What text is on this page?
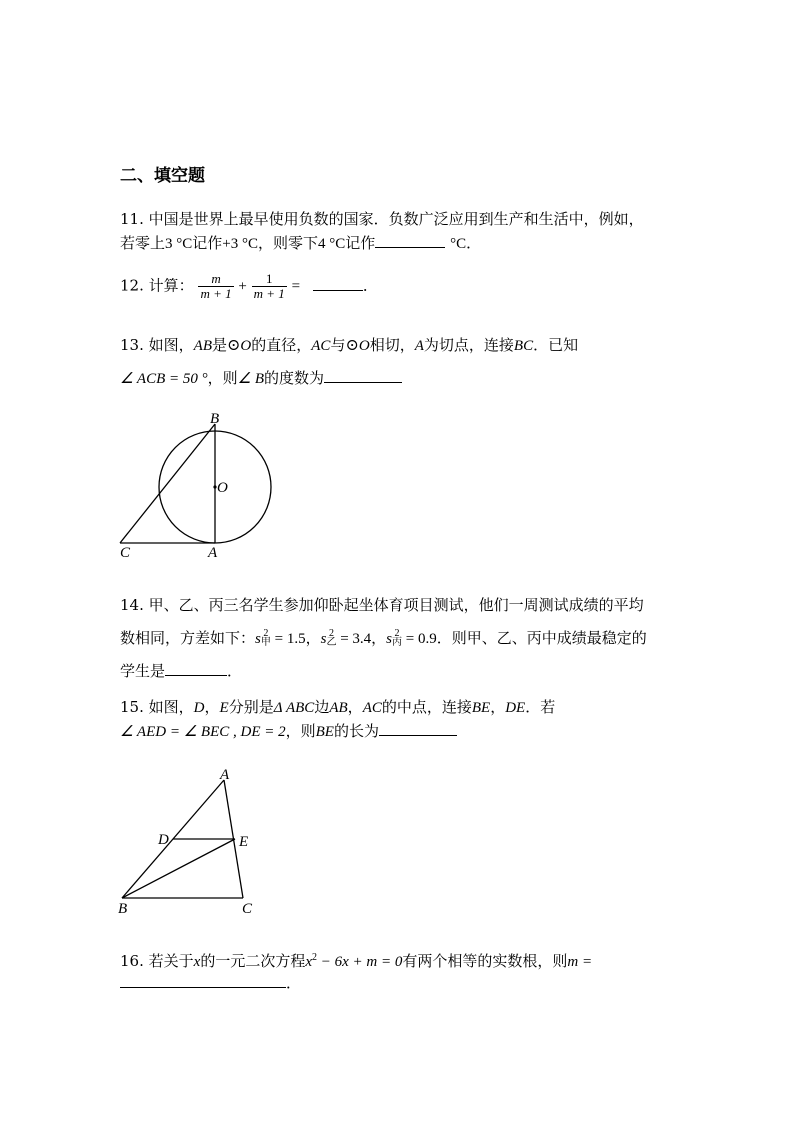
二、填空题
11. 中国是世界上最早使用负数的国家．负数广泛应用到生产和生活中，例如，
若零上3 °C记作+3 °C，则零下4 °C记作	°C．
12. 计算： $\frac{m}{m + 1} + \frac{1}{m + 1}$ =	．
13. 如图，AB是⊙O的直径，AC与⊙O相切，A为切点，连接BC．已知
∠ ACB = 50 °，则∠ B的度数为
B
O
C	A
14. 甲、乙、丙三名学生参加仰卧起坐体育项目测试，他们一周测试成绩的平均
数相同，方差如下：s 2
甲 = 1.5，s 2
乙 = 3.4，s 2
丙 = 0.9．则甲、乙、丙中成绩最稳定的
学生是	．
15. 如图，D，E分别是Δ ABC边AB，AC的中点，连接BE，DE．若
∠ AED = ∠ BEC , DE = 2，则BE的长为
A
D	E
B	C
16. 若关于x的一元二次方程$x^2 - 6x + m = 0$有两个相等的实数根，则m =
．
